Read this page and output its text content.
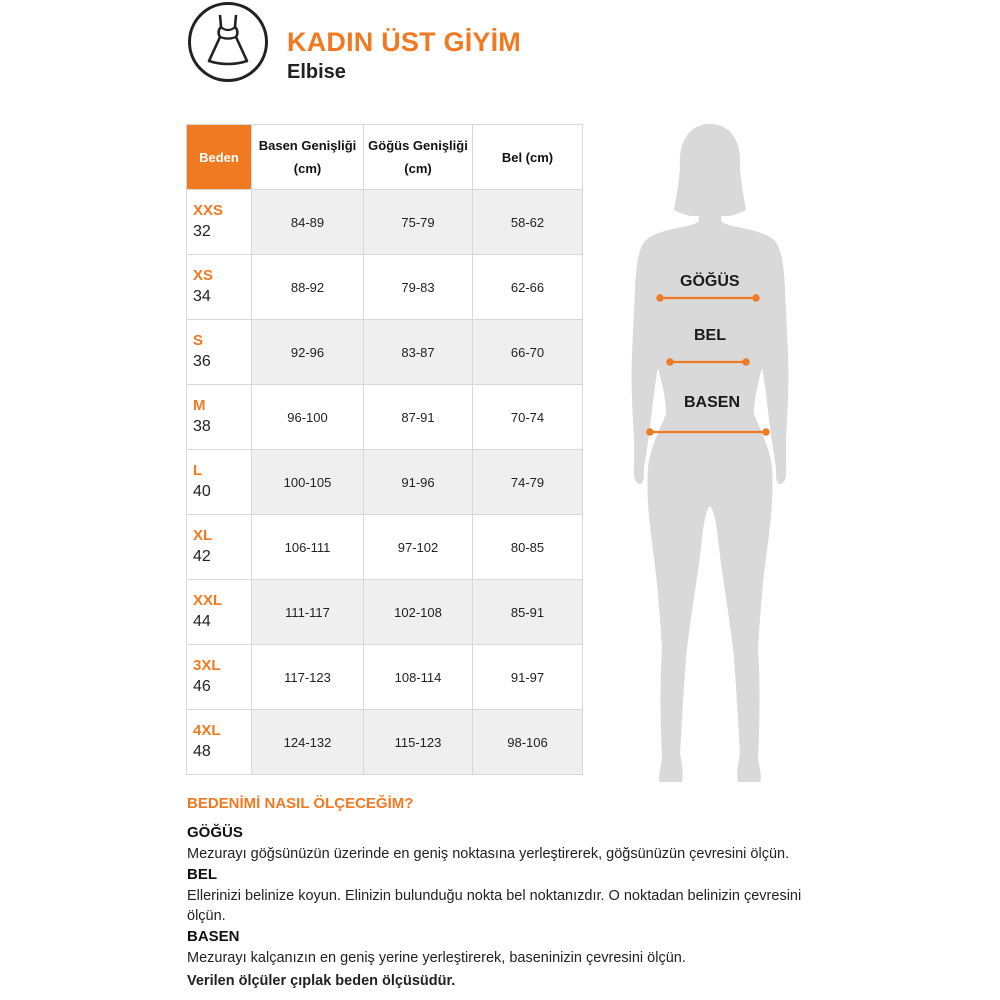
KADIN ÜST GİYİM
Elbise
Beden	Basen Genişliği (cm)	Göğüs Genişliği (cm)	Bel (cm)

XXS
32	84-89	75-79	58-62

XS
34	88-92	79-83	62-66

S
36	92-96	83-87	66-70

M
38	96-100	87-91	70-74

L
40	100-105	91-96	74-79

XL
42	106-111	97-102	80-85

XXL
44	111-117	102-108	85-91

3XL
46	117-123	108-114	91-97

4XL
48	124-132	115-123	98-106
GÖĞÜS
BEL
BASEN
BEDENİMİ NASIL ÖLÇECEĞİM?
GÖĞÜS

Mezurayı göğsünüzün üzerinde en geniş noktasına yerleştirerek, göğsünüzün çevresini ölçün.

BEL

Ellerinizi belinize koyun. Elinizin bulunduğu nokta bel noktanızdır. O noktadan belinizin çevresini ölçün.

BASEN

Mezurayı kalçanızın en geniş yerine yerleştirerek, baseninizin çevresini ölçün.

Verilen ölçüler çıplak beden ölçüsüdür.
